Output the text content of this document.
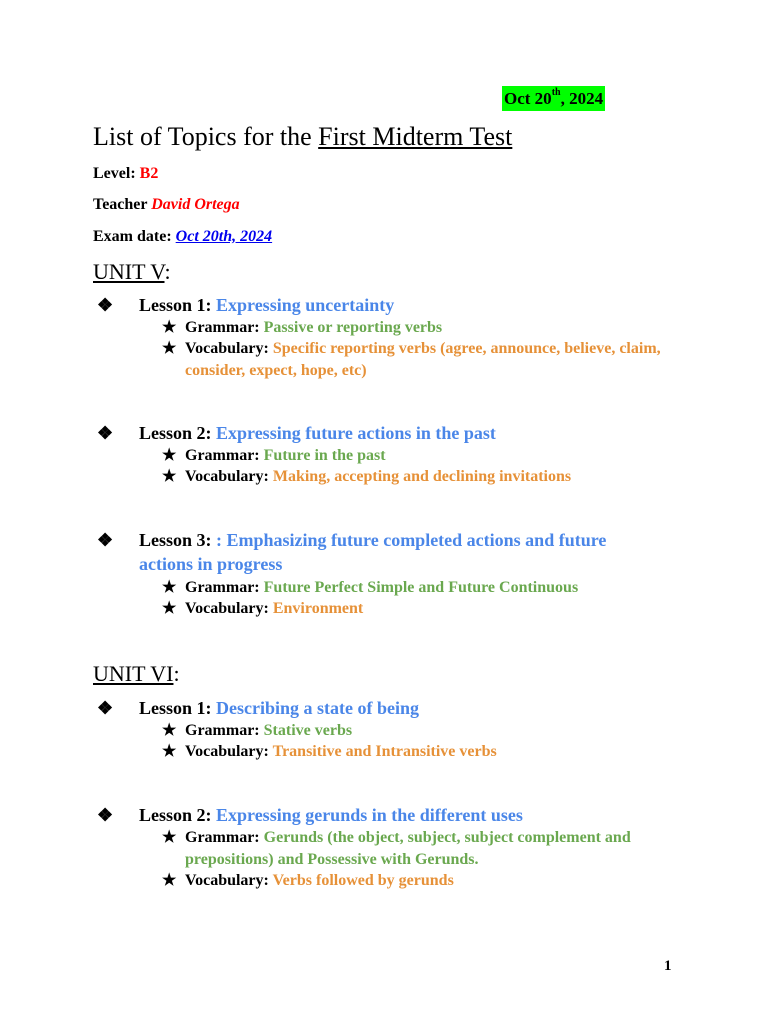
Oct 20th, 2024
List of Topics for the First Midterm Test
Level: B2
Teacher David Ortega
Exam date: Oct 20th, 2024
UNIT V:
❖ Lesson 1: Expressing uncertainty
★ Grammar: Passive or reporting verbs
★ Vocabulary: Specific reporting verbs (agree, announce, believe, claim, consider, expect, hope, etc)
❖ Lesson 2: Expressing future actions in the past
★ Grammar: Future in the past
★ Vocabulary: Making, accepting and declining invitations
❖ Lesson 3: : Emphasizing future completed actions and future actions in progress
★ Grammar: Future Perfect Simple and Future Continuous
★ Vocabulary: Environment
UNIT VI:
❖ Lesson 1: Describing a state of being
★ Grammar: Stative verbs
★ Vocabulary: Transitive and Intransitive verbs
❖ Lesson 2: Expressing gerunds in the different uses
★ Grammar: Gerunds (the object, subject, subject complement and prepositions) and Possessive with Gerunds.
★ Vocabulary: Verbs followed by gerunds
1
